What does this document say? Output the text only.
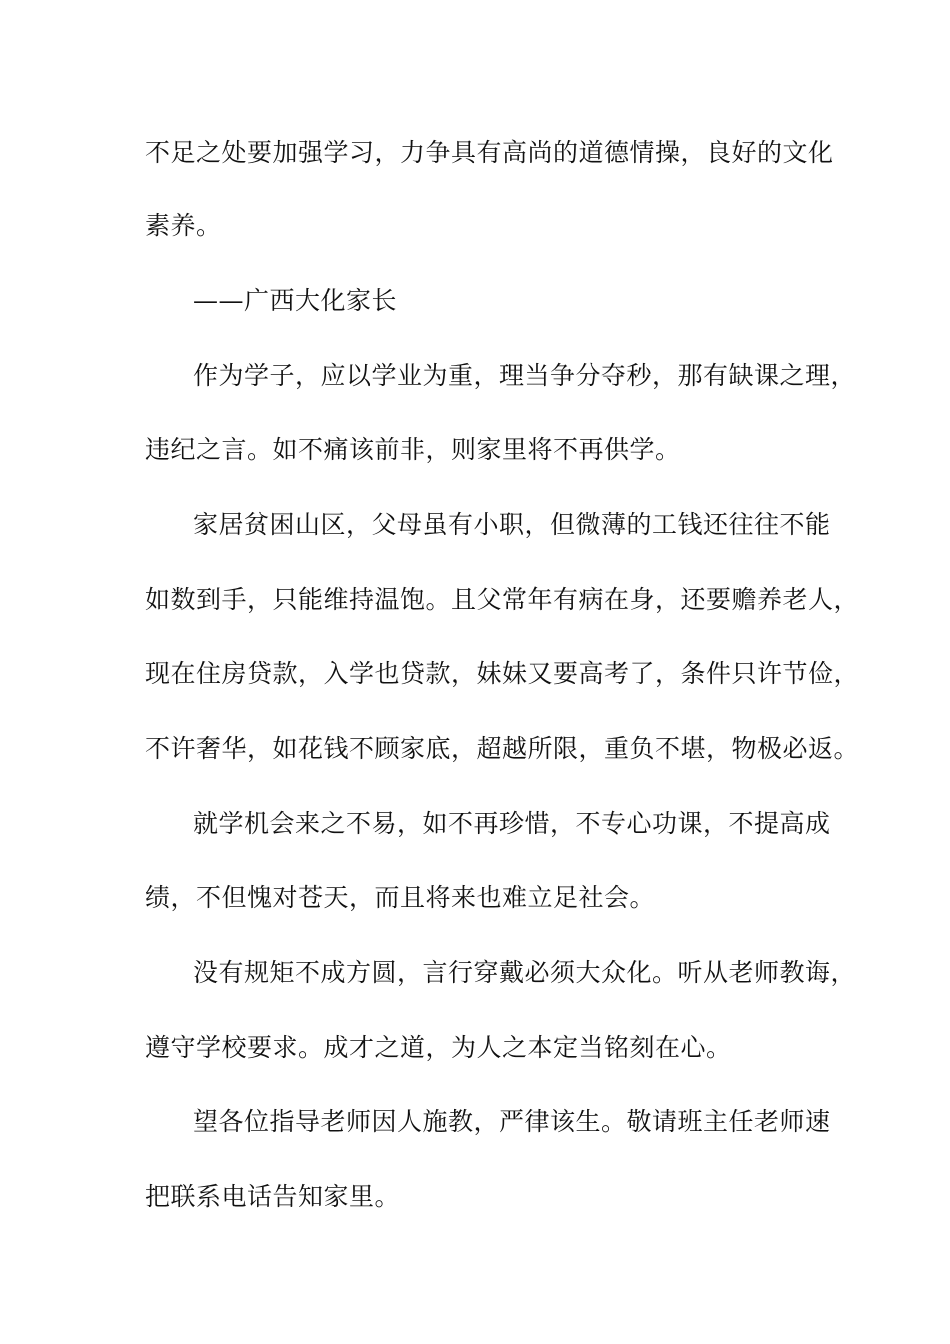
不足之处要加强学习，力争具有高尚的道德情操，良好的文化
素养。
——广西大化家长
作为学子，应以学业为重，理当争分夺秒，那有缺课之理，
违纪之言。如不痛该前非，则家里将不再供学。
家居贫困山区，父母虽有小职，但微薄的工钱还往往不能
如数到手，只能维持温饱。且父常年有病在身，还要赡养老人，
现在住房贷款，入学也贷款，妹妹又要高考了，条件只许节俭，
不许奢华，如花钱不顾家底，超越所限，重负不堪，物极必返。
就学机会来之不易，如不再珍惜，不专心功课，不提高成
绩，不但愧对苍天，而且将来也难立足社会。
没有规矩不成方圆，言行穿戴必须大众化。听从老师教诲，
遵守学校要求。成才之道，为人之本定当铭刻在心。
望各位指导老师因人施教，严律该生。敬请班主任老师速
把联系电话告知家里。
